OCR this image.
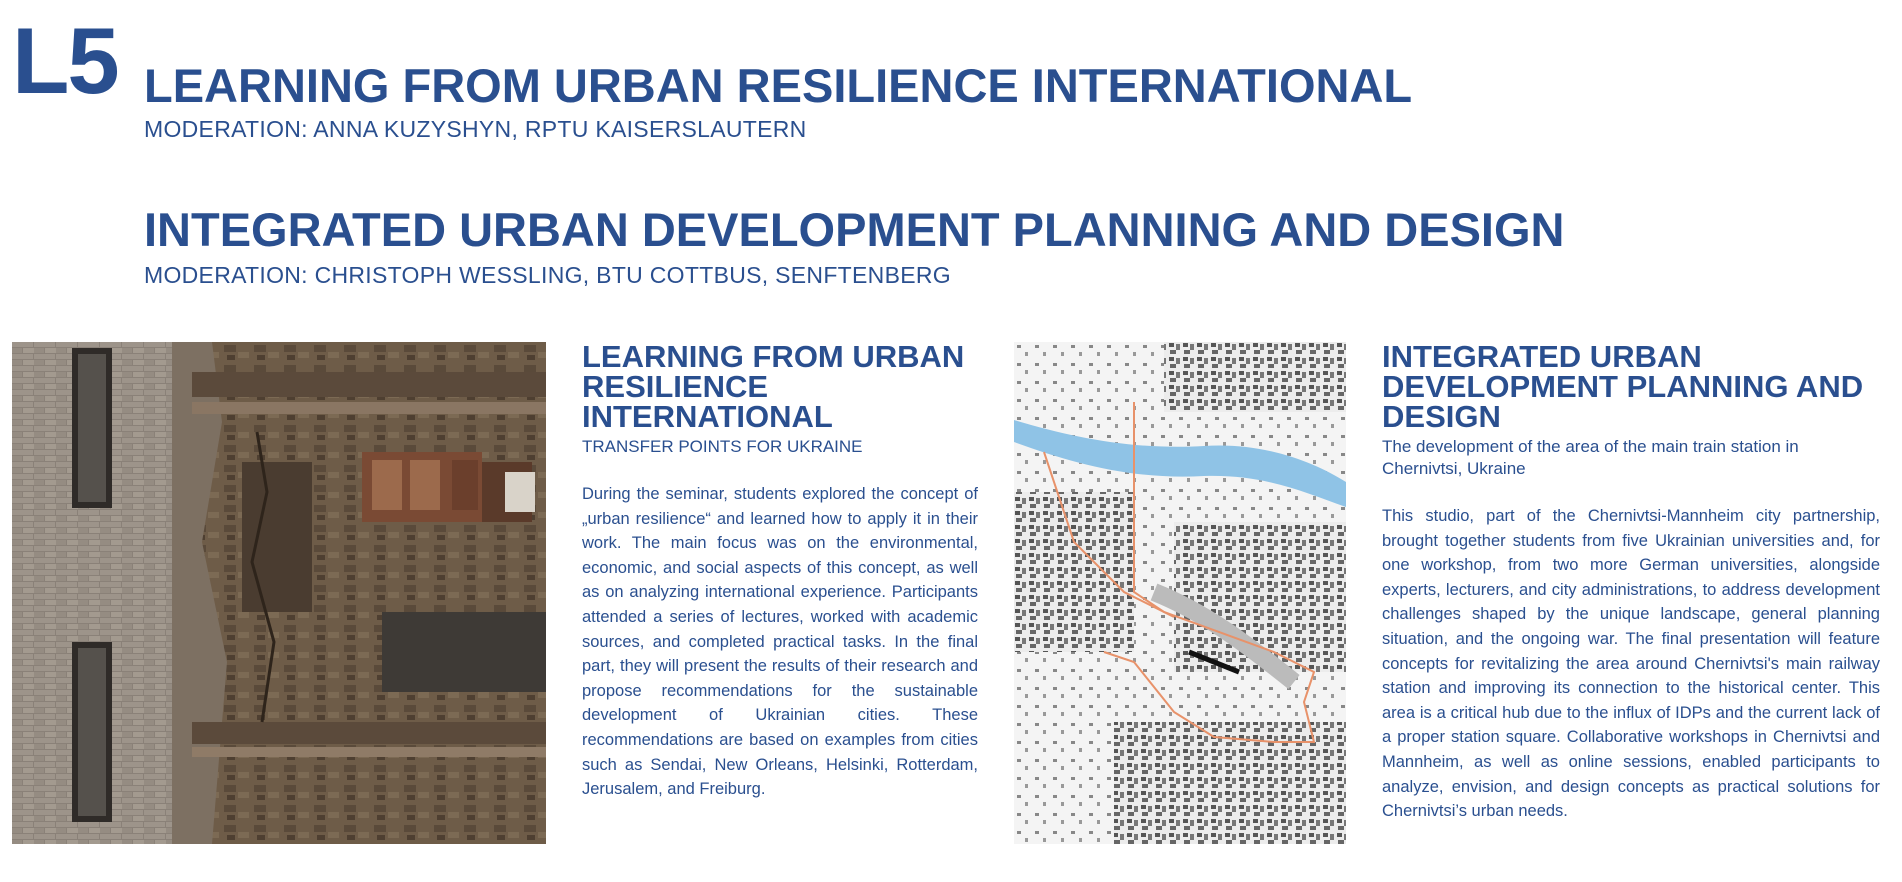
L5 LEARNING FROM URBAN RESILIENCE INTERNATIONAL
MODERATION: ANNA KUZYSHYN, RPTU KAISERSLAUTERN
INTEGRATED URBAN DEVELOPMENT PLANNING AND DESIGN
MODERATION: CHRISTOPH WESSLING, BTU COTTBUS, SENFTENBERG
LEARNING FROM URBAN RESILIENCE INTERNATIONAL
TRANSFER POINTS FOR UKRAINE
During the seminar, students explored the concept of „urban resilience“ and learned how to apply it in their work. The main focus was on the environmental, economic, and social aspects of this concept, as well as on analyzing international experience. Participants attended a series of lectures, worked with academic sources, and completed practical tasks. In the final part, they will present the results of their research and propose recommendations for the sustainable development of Ukrainian cities. These recommendations are based on examples from cities such as Sendai, New Orleans, Helsinki, Rotterdam, Jerusalem, and Freiburg.
INTEGRATED URBAN DEVELOPMENT PLANNING AND DESIGN
The development of the area of the main train station in Chernivtsi, Ukraine
This studio, part of the Chernivtsi-Mannheim city partnership, brought together students from five Ukrainian universities and, for one workshop, from two more German universities, alongside experts, lecturers, and city administrations, to address development challenges shaped by the unique landscape, general planning situation, and the ongoing war. The final presentation will feature concepts for revitalizing the area around Chernivtsi's main railway station and improving its connection to the historical center. This area is a critical hub due to the influx of IDPs and the current lack of a proper station square. Collaborative workshops in Chernivtsi and Mannheim, as well as online sessions, enabled participants to analyze, envision, and design concepts as practical solutions for Chernivtsi’s urban needs.
